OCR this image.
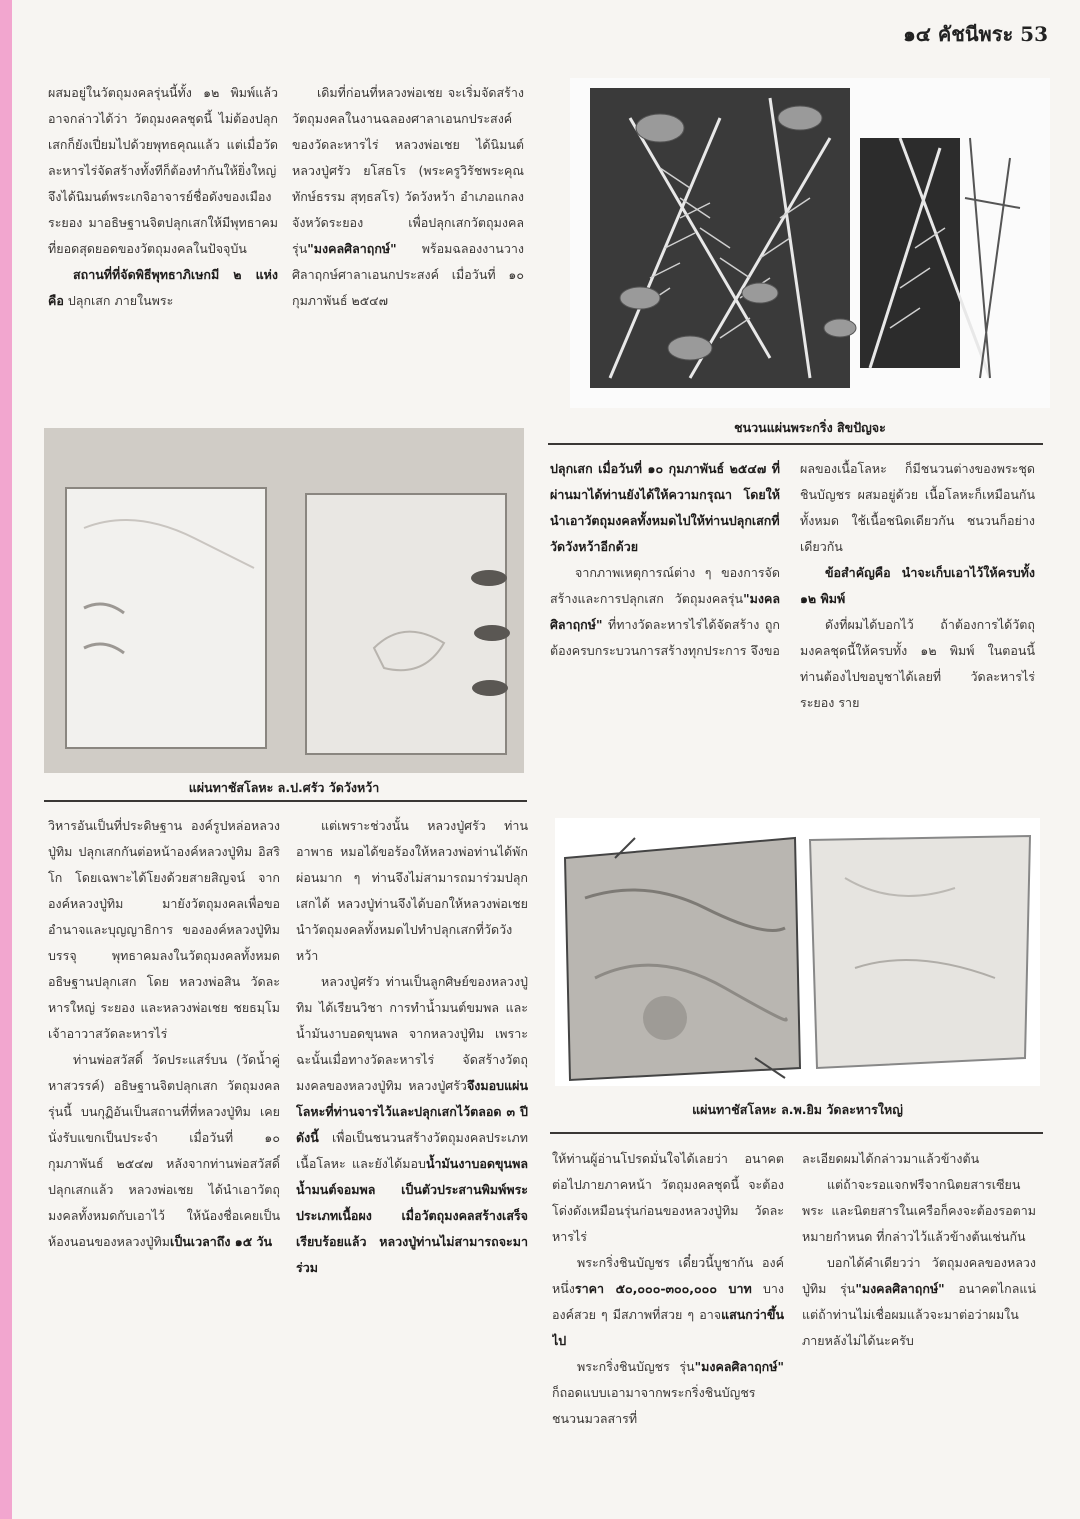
๑๔ คัชนีพระ 53

ผสมอยู่ในวัตถุมงคลรุ่นนี้ทั้ง ๑๒ พิมพ์แล้วอาจกล่าวได้ว่า วัตถุมงคลชุดนี้ ไม่ต้องปลุกเสกก็ยังเปี่ยมไปด้วยพุทธคุณแล้ว แต่เมื่อวัดละหารไร่จัดสร้างทั้งทีก็ต้องทำกันให้ยิ่งใหญ่ จึงได้นิมนต์พระเกจิอาจารย์ชื่อดังของเมืองระยอง มาอธิษฐานจิตปลุกเสกให้มีพุทธาคม ที่ยอดสุดยอดของวัตถุมงคลในปัจจุบัน

สถานที่ที่จัดพิธีพุทธาภิเษกมี ๒ แห่ง คือ ปลุกเสก ภายในพระ

เดิมที่ก่อนที่หลวงพ่อเชย จะเริ่มจัดสร้างวัตถุมงคลในงานฉลองศาลาเอนกประสงค์ ของวัดละหารไร่ หลวงพ่อเชย ได้นิมนต์หลวงปู่ศรัว ยโสธโร (พระครูวิรัชพระคุณทักษ์ธรรม สุทฺธสโร) วัดวังหว้า อำเภอแกลง จังหวัดระยอง เพื่อปลุกเสกวัตถุมงคล รุ่น"มงคลศิลาฤกษ์" พร้อมฉลองงานวางศิลาฤกษ์ศาลาเอนกประสงค์ เมื่อวันที่ ๑๐ กุมภาพันธ์ ๒๕๔๗

ชนวนแผ่นพระกริ่ง สิขปัญจะ

ปลุกเสก เมื่อวันที่ ๑๐ กุมภาพันธ์ ๒๕๔๗ ที่ผ่านมาได้ท่านยังได้ให้ความกรุณา โดยให้นำเอาวัตถุมงคลทั้งหมดไปให้ท่านปลุกเสกที่วัดวังหว้าอีกด้วย

จากภาพเหตุการณ์ต่าง ๆ ของการจัดสร้างและการปลุกเสก วัตถุมงคลรุ่น"มงคลศิลาฤกษ์" ที่ทางวัดละหารไร่ได้จัดสร้าง ถูกต้องครบกระบวนการสร้างทุกประการ จึงขอ

ผลของเนื้อโลหะ ก็มีชนวนต่างของพระชุดชินบัญชร ผสมอยู่ด้วย เนื้อโลหะก็เหมือนกันทั้งหมด ใช้เนื้อชนิดเดียวกัน ชนวนก็อย่างเดียวกัน

ข้อสำคัญคือ นำจะเก็บเอาไว้ให้ครบทั้ง ๑๒ พิมพ์

ดังที่ผมได้บอกไว้ ถ้าต้องการได้วัตถุมงคลชุดนี้ให้ครบทั้ง ๑๒ พิมพ์ ในตอนนี้ ท่านต้องไปขอบูชาได้เลยที่ วัดละหารไร่ ระยอง ราย

แผ่นทาชัสโลหะ ล.ป.ศรัว วัดวังหว้า

วิหารอันเป็นที่ประดิษฐาน องค์รูปหล่อหลวงปู่ทิม ปลุกเสกกันต่อหน้าองค์หลวงปู่ทิม อิสริโก โดยเฉพาะได้โยงด้วยสายสิญจน์ จากองค์หลวงปู่ทิม มายังวัตถุมงคลเพื่อขออำนาจและบุญญาธิการ ขององค์หลวงปู่ทิมบรรจุ พุทธาคมลงในวัตถุมงคลทั้งหมด อธิษฐานปลุกเสก โดย หลวงพ่อสิน วัดละหารใหญ่ ระยอง และหลวงพ่อเชย ชยธมฺโม เจ้าอาวาสวัดละหารไร่

ท่านพ่อสวัสดิ์ วัดประแสร์บน (วัดน้ำคู่หาสวรรค์) อธิษฐานจิตปลุกเสก วัตถุมงคลรุ่นนี้ บนกุฏิอันเป็นสถานที่ที่หลวงปู่ทิม เคยนั่งรับแขกเป็นประจำ เมื่อวันที่ ๑๐ กุมภาพันธ์ ๒๕๔๗ หลังจากท่านพ่อสวัสดิ์ ปลุกเสกแล้ว หลวงพ่อเชย ได้นำเอาวัตถุมงคลทั้งหมดกับเอาไว้ ให้น้องชื่อเคยเป็นห้องนอนของหลวงปู่ทิมเป็นเวลาถึง ๑๕ วัน

แต่เพราะช่วงนั้น หลวงปู่ศรัว ท่านอาพาธ หมอได้ขอร้องให้หลวงพ่อท่านได้พักผ่อนมาก ๆ ท่านจึงไม่สามารถมาร่วมปลุกเสกได้ หลวงปู่ท่านจึงได้บอกให้หลวงพ่อเชย นำวัตถุมงคลทั้งหมดไปทำปลุกเสกที่วัดวังหว้า

หลวงปู่ศรัว ท่านเป็นลูกศิษย์ของหลวงปู่ทิม ได้เรียนวิชา การทำน้ำมนต์ขมพล และน้ำมันงาบอดขุนพล จากหลวงปู่ทิม เพราะฉะนั้นเมื่อทางวัดละหารไร่ จัดสร้างวัตถุมงคลของหลวงปู่ทิม หลวงปู่ศรัวจึงมอบแผ่นโลหะที่ท่านจารไว้และปลุกเสกไว้ตลอด ๓ ปีดังนี้ เพื่อเป็นชนวนสร้างวัตถุมงคลประเภทเนื้อโลหะ และยังได้มอบน้ำมันงาบอดขุนพล น้ำมนต์จอมพล เป็นตัวประสานพิมพ์พระประเภทเนื้อผง เมื่อวัตถุมงคลสร้างเสร็จเรียบร้อยแล้ว หลวงปู่ท่านไม่สามารถจะมาร่วม

แผ่นทาชัสโลหะ ล.พ.ยิม วัดละหารใหญ่

ให้ท่านผู้อ่านโปรดมั่นใจได้เลยว่า อนาคตต่อไปภายภาคหน้า วัตถุมงคลชุดนี้ จะต้องโด่งดังเหมือนรุ่นก่อนของหลวงปู่ทิม วัดละหารไร่

พระกริ่งชินบัญชร เดี๋ยวนี้บูชากัน องค์หนึ่งราคา ๕๐,๐๐๐-๓๐๐,๐๐๐ บาท บางองค์สวย ๆ มีสภาพที่สวย ๆ อาจแสนกว่าขึ้นไป

พระกริ่งชินบัญชร รุ่น"มงคลศิลาฤกษ์" ก็ถอดแบบเอามาจากพระกริ่งชินบัญชร ชนวนมวลสารที่

ละเอียดผมได้กล่าวมาแล้วข้างต้น

แต่ถ้าจะรอแจกฟรีจากนิตยสารเซียนพระ และนิตยสารในเครือก็คงจะต้องรอตามหมายกำหนด ที่กล่าวไว้แล้วข้างต้นเช่นกัน

บอกได้คำเดียวว่า วัตถุมงคลของหลวงปู่ทิม รุ่น"มงคลศิลาฤกษ์" อนาคตไกลแน่ แต่ถ้าท่านไม่เชื่อผมแล้วจะมาต่อว่าผมในภายหลังไม่ได้นะครับ
